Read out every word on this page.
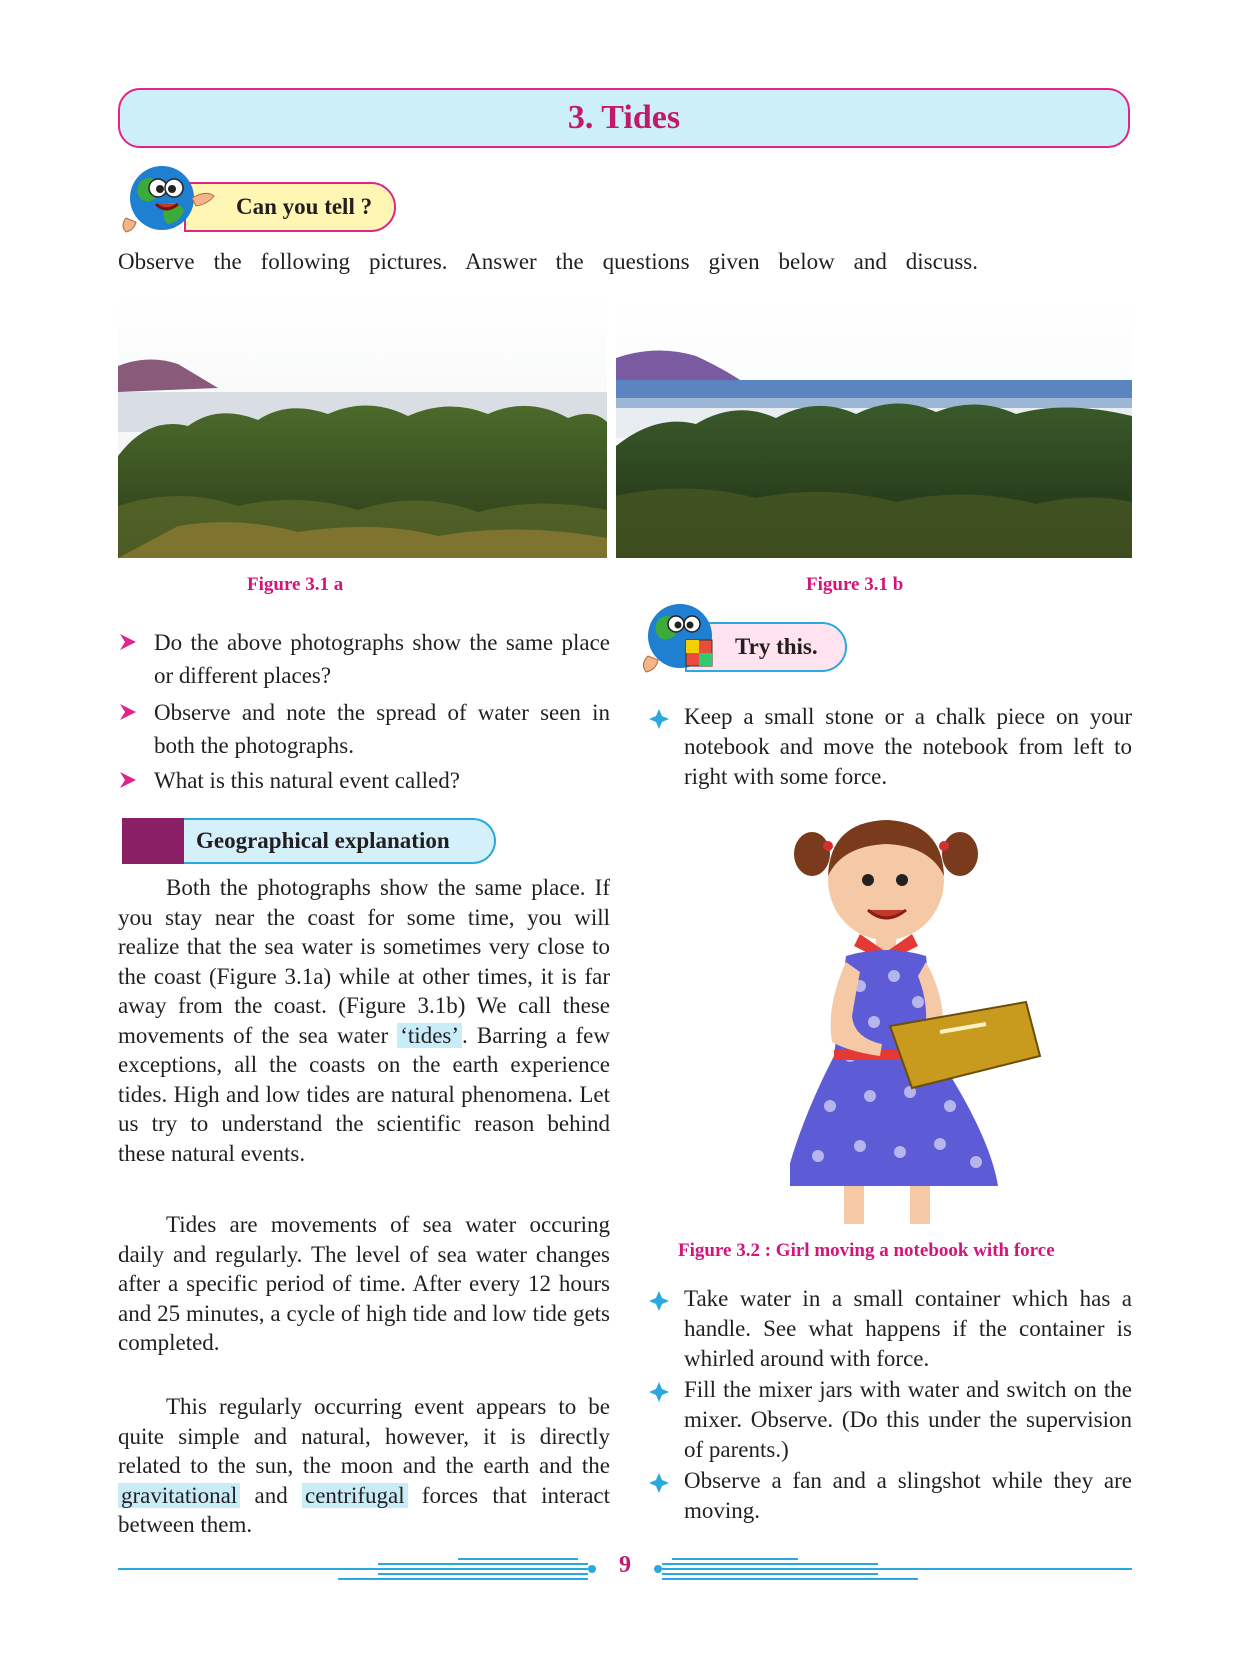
3. Tides
Can you tell ?
Observe the following pictures. Answer the questions given below and discuss.
Figure 3.1 a	Figure 3.1 b
Do the above photographs show the same place or different places?
Observe and note the spread of water seen in both the photographs.
What is this natural event called?
Geographical explanation
Both the photographs show the same place. If you stay near the coast for some time, you will realize that the sea water is sometimes very close to the coast (Figure 3.1a) while at other times, it is far away from the coast. (Figure 3.1b) We call these movements of the sea water ‘tides’ . Barring a few exceptions, all the coasts on the earth experience tides. High and low tides are natural phenomena. Let us try to understand the scientific reason behind these natural events.
Tides are movements of sea water occuring daily and regularly. The level of sea water changes after a specific period of time. After every 12 hours and 25 minutes, a cycle of high tide and low tide gets completed.
This regularly occurring event appears to be quite simple and natural, however, it is directly related to the sun, the moon and the earth and the gravitational and centrifugal forces that interact between them.
Try this.
Keep a small stone or a chalk piece on your notebook and move the notebook from left to right with some force.
Figure 3.2 : Girl moving a notebook with force
Take water in a small container which has a handle. See what happens if the container is whirled around with force.
Fill the mixer jars with water and switch on the mixer. Observe. (Do this under the supervision of parents.)
Observe a fan and a slingshot while they are moving.
9
